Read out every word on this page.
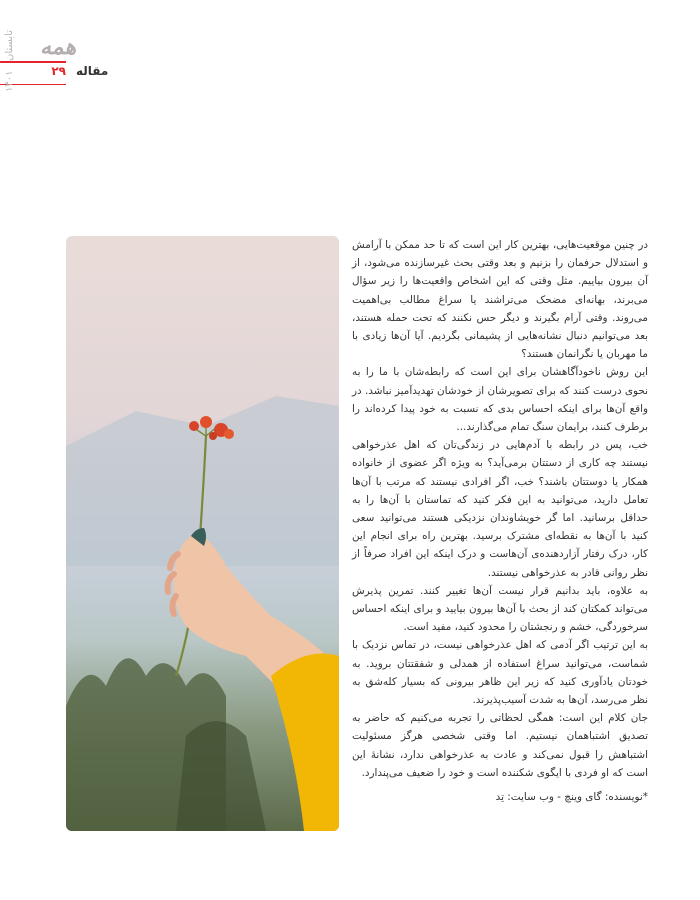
همه
۲۹ مقاله
تابستان   ۱۴۰۱

در چنین موقعیت‌هایی، بهترین کار این است که تا حد ممکن با آرامش و استدلال حرفمان را بزنیم و بعد وقتی بحث غیرسازنده می‌شود، از آن بیرون بیاییم. مثل وقتی که این اشخاص واقعیت‌ها را زیر سؤال می‌برند، بهانه‌ای مضحک می‌تراشند یا سراغ مطالب بی‌اهمیت می‌روند. وقتی آرام بگیرند و دیگر حس نکنند که تحت حمله هستند، بعد می‌توانیم دنبال نشانه‌هایی از پشیمانی بگردیم. آیا آن‌ها زیادی با ما مهربان یا نگرانمان هستند؟

این روش ناخودآگاهشان برای این است که رابطه‌شان با ما را به نحوی درست کنند که برای تصویرشان از خودشان تهدیدآمیز نباشد. در واقع آن‌ها برای اینکه احساس بدی که نسبت به خود پیدا کرده‌اند را برطرف کنند، برایمان سنگ تمام می‌گذارند...

خب، پس در رابطه با آدم‌هایی در زندگی‌تان که اهل عذرخواهی نیستند چه کاری از دستتان برمی‌آید؟ به ویژه اگر عضوی از خانواده همکار یا دوستتان باشند؟ خب، اگر افرادی نیستند که مرتب با آن‌ها تعامل دارید، می‌توانید به این فکر کنید که تماستان با آن‌ها را به حداقل برسانید. اما گر خویشاوندان نزدیکی هستند می‌توانید سعی کنید با آن‌ها به نقطه‌ای مشترک برسید. بهترین راه برای انجام این کار، درک رفتار آزاردهنده‌ی آن‌هاست و درک اینکه این افراد صرفاً از نظر روانی قادر به عذرخواهی نیستند.

به علاوه، باید بدانیم قرار نیست آن‌ها تغییر کنند. تمرین پذیرش می‌تواند کمکتان کند از بحث با آن‌ها بیرون بیایید و برای اینکه احساس سرخوردگی، خشم و رنجشتان را محدود کنید، مفید است.

به این ترتیب اگر آدمی که اهل عذرخواهی نیست، در تماس نزدیک با شماست، می‌توانید سراغ استفاده از همدلی و شفقتتان بروید. به خودتان یادآوری کنید که زیر این ظاهر بیرونی که بسیار کله‌شق به نظر می‌رسد، آن‌ها به شدت آسیب‌پذیرند.

جان کلام این است: همگی لحظاتی را تجربه می‌کنیم که حاضر به تصدیق اشتباهمان نیستیم. اما وقتی شخصی هرگز مسئولیت اشتباهش را قبول نمی‌کند و عادت به عذرخواهی ندارد، نشانهٔ این است که او فردی با ایگوی شکننده است و خود را ضعیف می‌پندارد.

*نویسنده: گای وینچ - وب سایت: تِد
